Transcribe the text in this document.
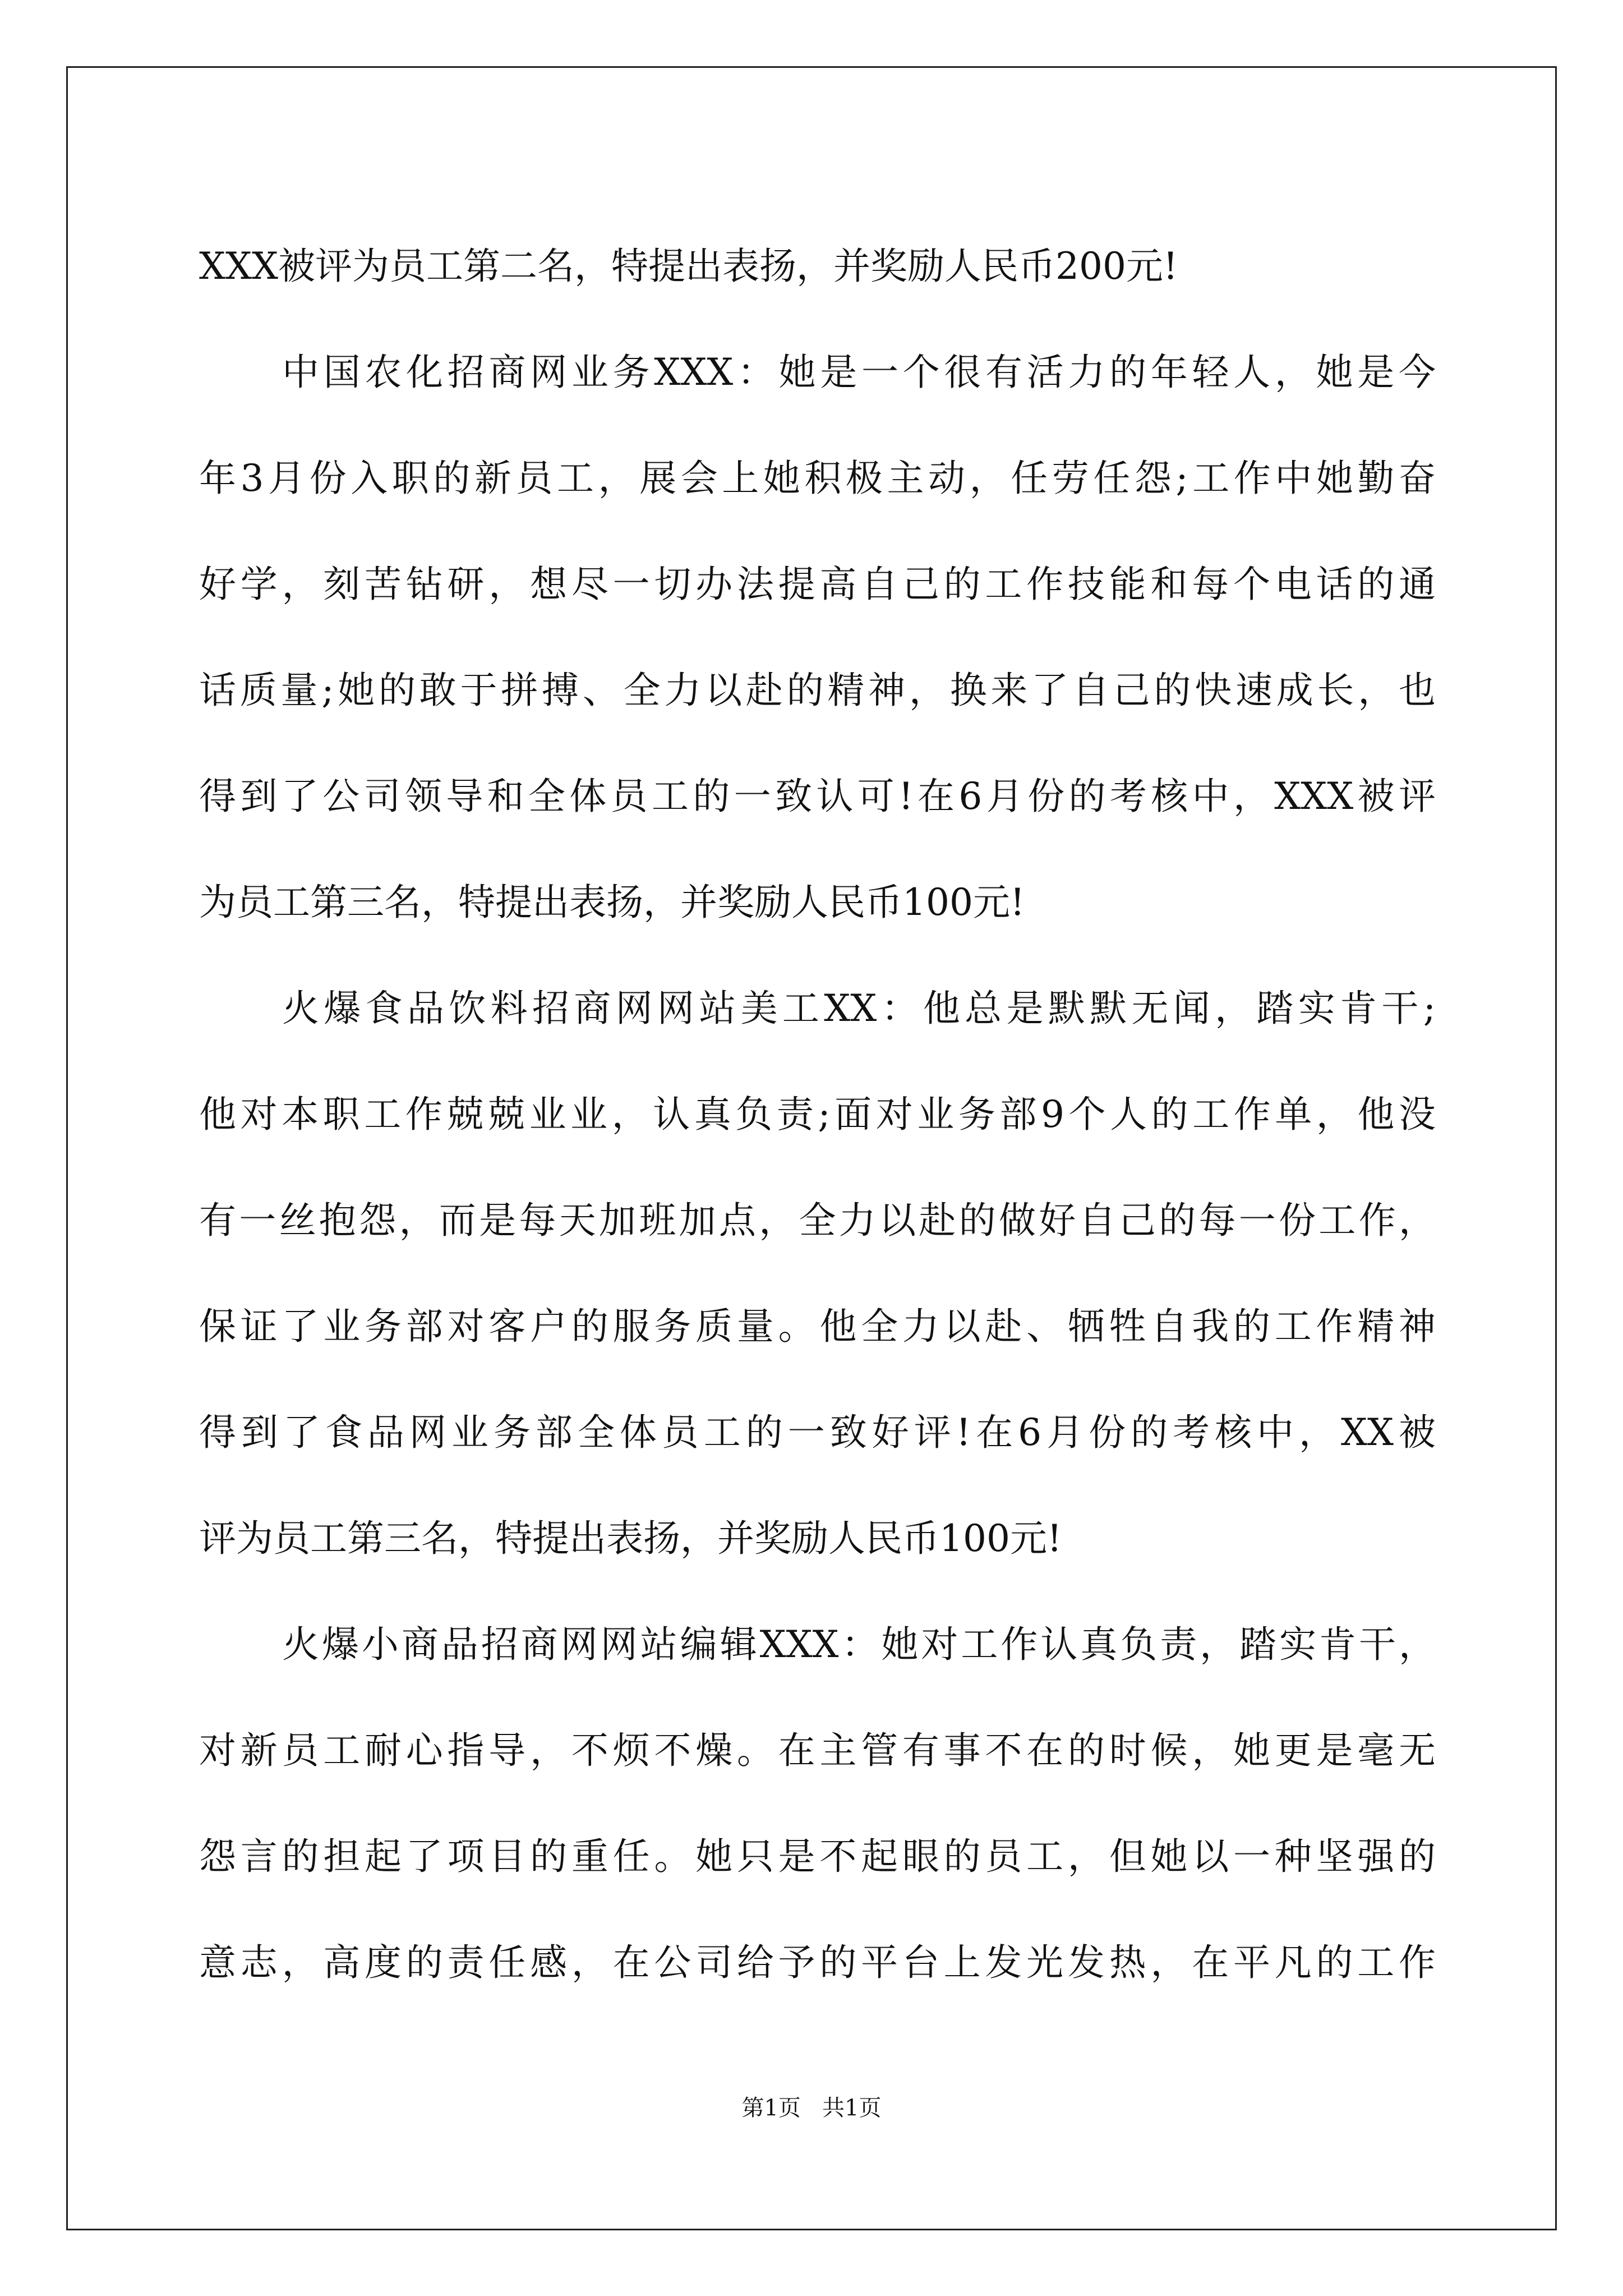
XXX被评为员工第二名，特提出表扬，并奖励人民币200元!
中国农化招商网业务XXX：她是一个很有活力的年轻人，她是今
年3月份入职的新员工，展会上她积极主动，任劳任怨;工作中她勤奋
好学，刻苦钻研，想尽一切办法提高自己的工作技能和每个电话的通
话质量;她的敢于拼搏、全力以赴的精神，换来了自己的快速成长，也
得到了公司领导和全体员工的一致认可!在6月份的考核中，XXX被评
为员工第三名，特提出表扬，并奖励人民币100元!
火爆食品饮料招商网网站美工XX：他总是默默无闻，踏实肯干;
他对本职工作兢兢业业，认真负责;面对业务部9个人的工作单，他没
有一丝抱怨，而是每天加班加点，全力以赴的做好自己的每一份工作，
保证了业务部对客户的服务质量。他全力以赴、牺牲自我的工作精神
得到了食品网业务部全体员工的一致好评!在6月份的考核中，XX被
评为员工第三名，特提出表扬，并奖励人民币100元!
火爆小商品招商网网站编辑XXX：她对工作认真负责，踏实肯干，
对新员工耐心指导，不烦不燥。在主管有事不在的时候，她更是毫无
怨言的担起了项目的重任。她只是不起眼的员工，但她以一种坚强的
意志，高度的责任感，在公司给予的平台上发光发热，在平凡的工作
第1页   共1页
